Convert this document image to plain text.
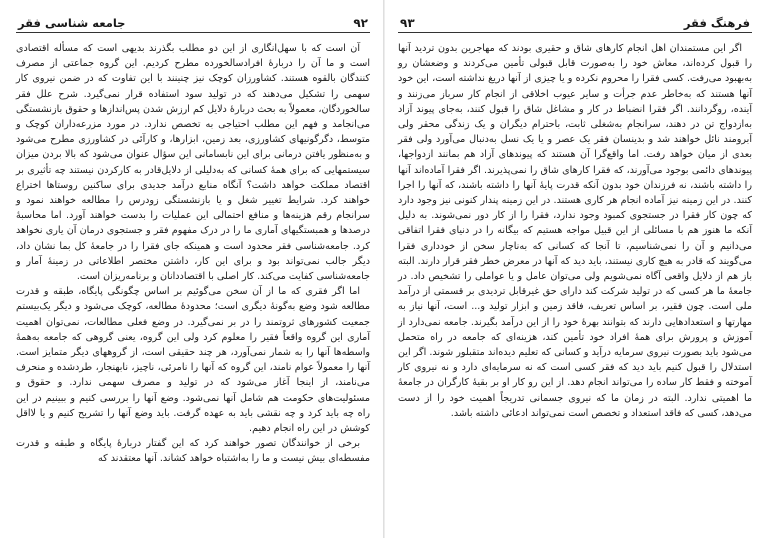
فرهنگ فقر
۹۳

اگر این مستمندان اهل انجام کارهای شاق و حقیری بودند که مهاجرین بدون تردید آنها را قبول کرده‌اند، معاش خود را به‌صورت قابل قبولی تأمین می‌کردند و وضعشان رو به‌بهبود می‌رفت. کسی فقرا را محروم نکرده و یا چیزی از آنها دریغ نداشته است، این خود آنها هستند که به‌خاطر عدم جرأت و سایر عیوب اخلاقی از انجام کار سرباز می‌زنند و آینده، روگردانند. اگر فقرا انضباط در کار و مشاغل شاق را قبول کنند، به‌جای پیوند آزاد به‌ازدواج تن در دهند، سرانجام به‌شغلی ثابت، باحترام دیگران و یک زندگی محقر ولی آبرومند نائل خواهند شد و بدینسان فقر یک عصر و یا یک نسل به‌دنبال می‌آورد ولی فقر بعدی از میان خواهد رفت. اما واقع‌گرا آن هستند که پیوندهای آزاد هم بمانند ازدواجها، پیوندهای دائمی بوجود می‌آورند، که فقرا کارهای شاق را نمی‌پذیرند. اگر فقرا آماده‌اند آنها را داشته باشند، نه فرزندان خود بدون آنکه قدرت پایهٔ آنها را داشته باشند، که آنها را اجرا کنند. در این زمینه نیز آماده انجام هر کاری هستند. در این زمینه پندار کنونی نیز وجود دارد که چون کار فقرا در جستجوی کمبود وجود ندارد، فقرا را از کار دور نمی‌شوند. به دلیل آنکه ما هنوز هم با مسائلی از این قبیل مواجه هستیم که بیگانه را در دنیای فقرا اتفاقی می‌دانیم و آن را نمی‌شناسیم، تا آنجا که کسانی که به‌ناچار سخن از خودداری فقرا می‌گویند که قادر به هیچ کاری نیستند، باید دید که آنها در معرض خطر فقر قرار دارند. البته باز هم از دلایل واقعی آگاه نمی‌شویم ولی می‌توان عامل و یا عواملی را تشخیص داد. در جامعهٔ ما هر کسی که در تولید شرکت کند دارای حق غیرقابل تردیدی بر قسمتی از درآمد ملی است. چون فقیر، بر اساس تعریف، فاقد زمین و ابزار تولید و... است، آنها نیاز به مهارتها و استعدادهایی دارند که بتوانند بهرهٔ خود را از این درآمد بگیرند. جامعه نمی‌دارد از آموزش و پرورش برای همهٔ افراد خود تأمین کند، هزینه‌ای که جامعه در راه متحمل می‌شود باید بصورت نیروی سرمایه درآید و کسانی که تعلیم دیده‌اند متقبلور شوند. اگر این استدلال را قبول کنیم باید دید که فقر کسی است که نه سرمایه‌ای دارد و نه نیروی کار آموخته و فقط کار ساده را می‌تواند انجام دهد. از این رو کار او بر بقیهٔ کارگران در جامعهٔ ما اهمیتی ندارد. البته در زمان ما که نیروی جسمانی تدریجاً اهمیت خود را از دست می‌دهد، کسی که فاقد استعداد و تخصص است نمی‌تواند ادعائی داشته باشد.

۹۲
جامعه شناسی فقر

آن است که با سهل‌انگاری از این دو مطلب بگذرند بدیهی است که مسأله اقتصادی است و ما آن را دربارهٔ افرادسالخورده مطرح کردیم. این گروه جماعتی از مصرف کنندگان بالقوه هستند. کشاورزان کوچک نیز چنینند با این تفاوت که در ضمن نیروی کار سهمی را تشکیل می‌دهند که در تولید سود استفاده قرار نمی‌گیرد. شرح علل فقر سالخوردگان، معمولاً به بحث دربارهٔ دلایل کم ارزش شدن پس‌اندازها و حقوق بازنشستگی می‌انجامد و فهم این مطلب احتیاجی به تخصص ندارد. در مورد مزرعه‌داران کوچک و متوسط، دگرگونیهای کشاورزی، بعد زمین، ابزارها، و کارآئی در کشاورزی مطرح می‌شود و به‌منظور یافتن درمانی برای این نابسامانی این سؤال عنوان می‌شود که بالا بردن میزان سیستمهایی که برای همهٔ کسانی که به‌دلیلی از دلایل‌قادر به کارکردن نیستند چه تأثیری بر اقتصاد مملکت خواهد داشت؟ آنگاه منابع درآمد جدیدی برای ساکنین روستاها اختراع خواهند کرد. شرایط تغییر شغل و یا بازنشستگی زودرس را مطالعه خواهند نمود و سرانجام رقم هزینه‌ها و منافع احتمالی این عملیات را بدست خواهند آورد. اما محاسبهٔ درصدها و همبستگیهای آماری ما را در درک مفهوم فقر و جستجوی درمان آن یاری نخواهد کرد. جامعه‌شناسی فقر محدود است و همینکه جای فقرا را در جامعهٔ کل بما نشان داد، دیگر جالب نمی‌تواند بود و برای این کار، داشتن مختصر اطلاعاتی در زمینهٔ آمار و جامعه‌شناسی کفایت می‌کند. کار اصلی با اقتصاددانان و برنامه‌ریزان است.

اما اگر فقری که ما از آن سخن می‌گوئیم بر اساس چگونگی پایگاه، طبقه و قدرت مطالعه شود وضع به‌گونهٔ دیگری است؛ محدودهٔ مطالعه، کوچک می‌شود و دیگر یک‌بیستم جمعیت کشورهای ثروتمند را در بر نمی‌گیرد. در وضع فعلی مطالعات، نمی‌توان اهمیت آماری این گروه واقعاً فقیر را معلوم کرد ولی این گروه، یعنی گروهی که جامعه به‌همهٔ واسطه‌ها آنها را به شمار نمی‌آورد، هر چند حقیقی است، از گروههای دیگر متمایز است. آنها را معمولاً عوام نامند، این گروه که آنها را نامرئی، ناچیز، نابهنجار، طردشده و منحرف می‌نامند، از اینجا آغاز می‌شود که در تولید و مصرف سهمی ندارد. و حقوق و مسئولیت‌های حکومت هم شامل آنها نمی‌شود. وضع آنها را بررسی کنیم و ببینیم در این راه چه باید کرد و چه نقشی باید به عهده گرفت. باید وضع آنها را تشریح کنیم و یا لااقل کوشش در این راه انجام دهیم.

برخی از خوانندگان تصور خواهند کرد که این گفتار دربارهٔ پایگاه و طبقه و قدرت مفسطه‌ای بیش نیست و ما را به‌اشتباه خواهد کشاند. آنها معتقدند که
